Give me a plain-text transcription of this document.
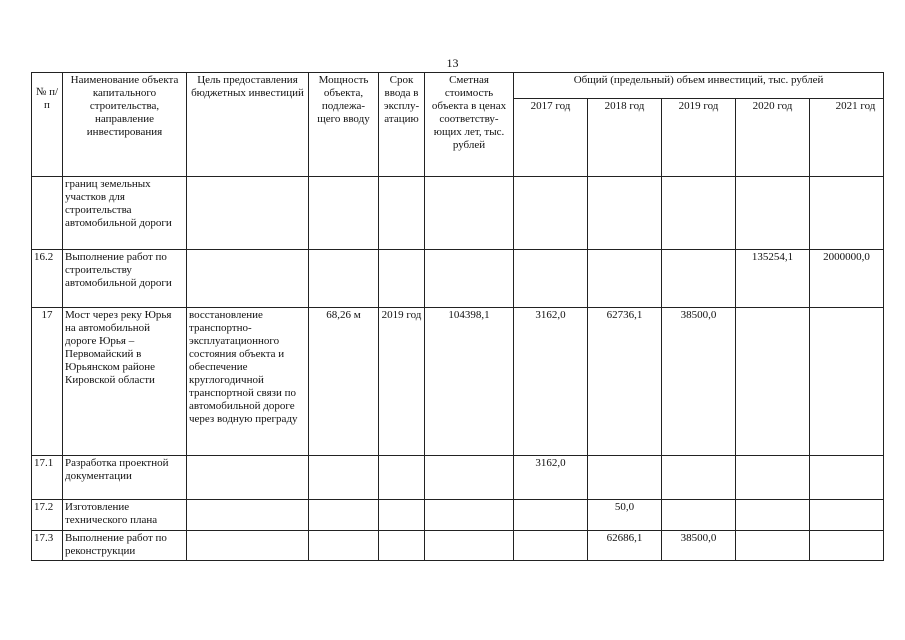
13
№ п/п	Наименование объекта капитального строительства, направление инвестирования	Цель предоставления бюджетных инвестиций	Мощность объекта, подлежа-щего вводу	Срок ввода в эксплу-атацию	Сметная стоимость объекта в ценах соответству-ющих лет, тыс. рублей	Общий (предельный) объем инвестиций, тыс. рублей				
						2017 год	2018 год	2019 год	2020 год	2021 год
	границ земельных участков для строительства автомобильной дороги									
16.2	Выполнение работ по строительству автомобильной дороги								135254,1	2000000,0
17	Мост через реку Юрья на автомобильной дороге Юрья – Первомайский в Юрьянском районе Кировской области	восстановление транспортно-эксплуатационного состояния объекта и обеспечение круглогодичной транспортной связи по автомобильной дороге через водную преграду	68,26 м	2019 год	104398,1	3162,0	62736,1	38500,0		
17.1	Разработка проектной документации					3162,0				
17.2	Изготовление технического плана						50,0			
17.3	Выполнение работ по реконструкции						62686,1	38500,0		
